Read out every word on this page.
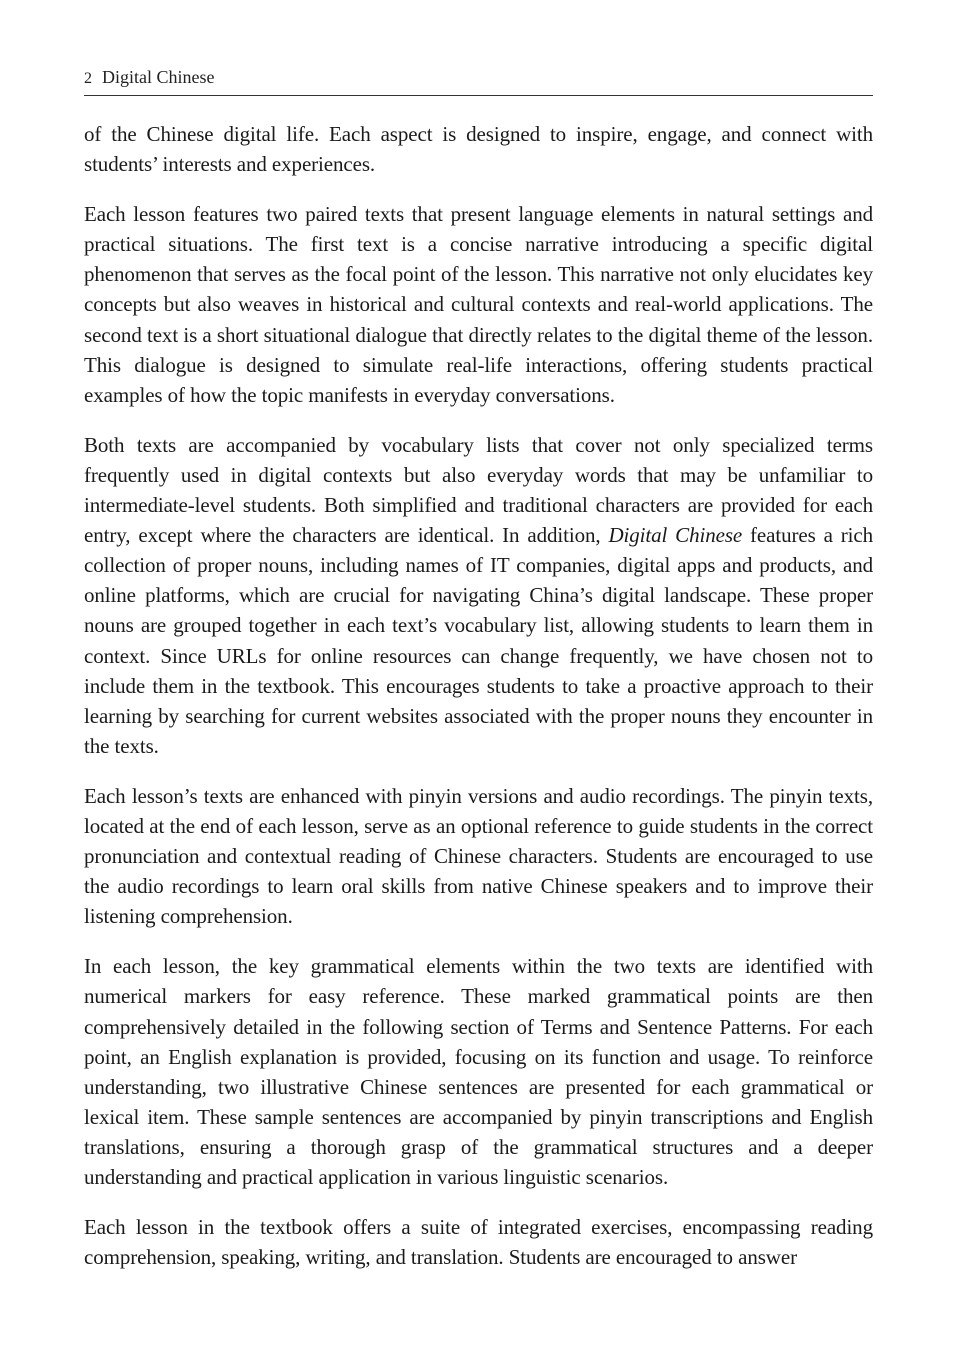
2 Digital Chinese

of the Chinese digital life. Each aspect is designed to inspire, engage, and connect with students’ interests and experiences.

Each lesson features two paired texts that present language elements in natural settings and practical situations. The first text is a concise narrative introducing a specific digital phenomenon that serves as the focal point of the lesson. This narrative not only elucidates key concepts but also weaves in historical and cultural contexts and real-world applications. The second text is a short situational dialogue that directly relates to the digital theme of the lesson. This dialogue is designed to simulate real-life interactions, offering students practical examples of how the topic manifests in everyday conversations.

Both texts are accompanied by vocabulary lists that cover not only specialized terms frequently used in digital contexts but also everyday words that may be unfamiliar to intermediate-level students. Both simplified and traditional characters are provided for each entry, except where the characters are identical. In addition, Digital Chinese features a rich collection of proper nouns, including names of IT companies, digital apps and products, and online platforms, which are crucial for navigating China’s digital landscape. These proper nouns are grouped together in each text’s vocabulary list, allowing students to learn them in context. Since URLs for online resources can change frequently, we have chosen not to include them in the textbook. This encourages students to take a proactive approach to their learning by searching for current websites associated with the proper nouns they encounter in the texts.

Each lesson’s texts are enhanced with pinyin versions and audio recordings. The pinyin texts, located at the end of each lesson, serve as an optional reference to guide students in the correct pronunciation and contextual reading of Chinese characters. Students are encouraged to use the audio recordings to learn oral skills from native Chinese speakers and to improve their listening comprehension.

In each lesson, the key grammatical elements within the two texts are identified with numerical markers for easy reference. These marked grammatical points are then comprehensively detailed in the following section of Terms and Sentence Patterns. For each point, an English explanation is provided, focusing on its function and usage. To reinforce understanding, two illustrative Chinese sentences are presented for each grammatical or lexical item. These sample sentences are accompanied by pinyin transcriptions and English translations, ensuring a thorough grasp of the grammatical structures and a deeper understanding and practical application in various linguistic scenarios.

Each lesson in the textbook offers a suite of integrated exercises, encompassing reading comprehension, speaking, writing, and translation. Students are encouraged to answer
